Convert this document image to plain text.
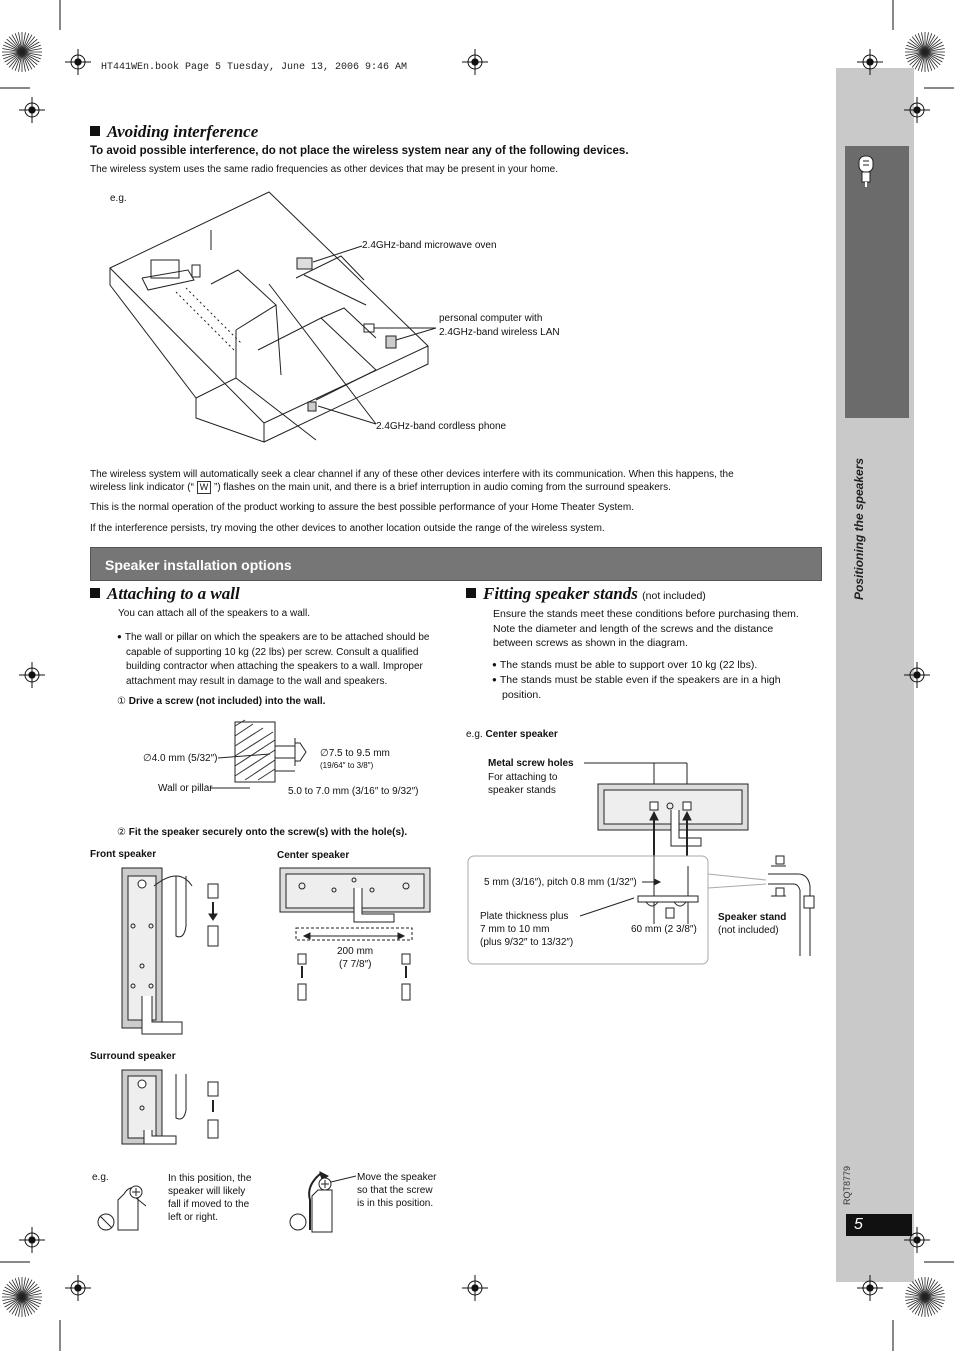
Positioning the speakers
RQT8779
5
HT441WEn.book Page 5 Tuesday, June 13, 2006 9:46 AM
Avoiding interference
To avoid possible interference, do not place the wireless system near any of the following devices.
The wireless system uses the same radio frequencies as other devices that may be present in your home.
e.g.
2.4GHz-band microwave oven
personal computer with
2.4GHz-band wireless LAN
2.4GHz-band cordless phone
The wireless system will automatically seek a clear channel if any of these other devices interfere with its communication. When this happens, the
wireless link indicator (“ W ”) flashes on the main unit, and there is a brief interruption in audio coming from the surround speakers.
This is the normal operation of the product working to assure the best possible performance of your Home Theater System.
If the interference persists, try moving the other devices to another location outside the range of the wireless system.
Speaker installation options
Attaching to a wall
You can attach all of the speakers to a wall.
● The wall or pillar on which the speakers are to be attached should be
capable of supporting 10 kg (22 lbs) per screw. Consult a qualified
building contractor when attaching the speakers to a wall. Improper
attachment may result in damage to the wall and speakers.
① Drive a screw (not included) into the wall.
∅7.5 to 9.5 mm
(19/64″ to 3/8″)
∅4.0 mm (5/32″)
5.0 to 7.0 mm (3/16″ to 9/32″)
Wall or pillar
② Fit the speaker securely onto the screw(s) with the hole(s).
Front speaker	Center speaker
200 mm
(7 7/8″)
Surround speaker
e.g.	In this position, the
speaker will likely
fall if moved to the
left or right.
Move the speaker
so that the screw
is in this position.
Fitting speaker stands (not included)
Ensure the stands meet these conditions before purchasing them.
Note the diameter and length of the screws and the distance
between screws as shown in the diagram.
● The stands must be able to support over 10 kg (22 lbs).
● The stands must be stable even if the speakers are in a high
position.
e.g. Center speaker
Metal screw holes
For attaching to
speaker stands
5 mm (3/16″), pitch 0.8 mm (1/32″)
Plate thickness plus
7 mm to 10 mm
(plus 9/32″ to 13/32″)
60 mm (2 3/8″)
Speaker stand
(not included)
